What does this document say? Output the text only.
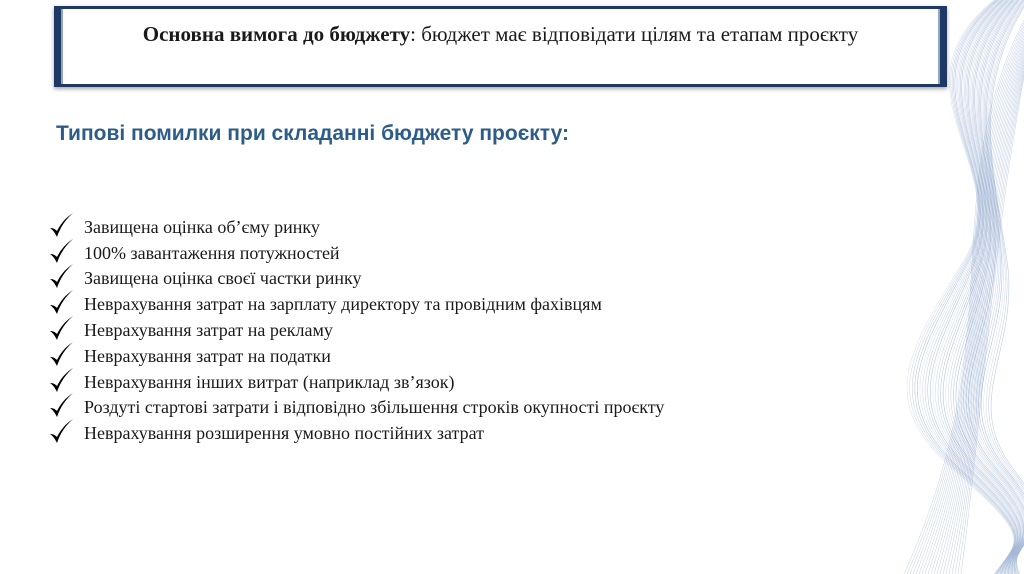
Основна вимога до бюджету: бюджет має відповідати цілям та етапам проєкту
Типові помилки при складанні бюджету проєкту:
Завищена оцінка об’єму ринку
100% завантаження потужностей
Завищена оцінка своєї частки ринку
Неврахування затрат на зарплату директору та провідним фахівцям
Неврахування затрат на рекламу
Неврахування затрат на податки
Неврахування інших витрат (наприклад зв’язок)
Роздуті стартові затрати і відповідно збільшення строків окупності проєкту
Неврахування розширення умовно постійних затрат
